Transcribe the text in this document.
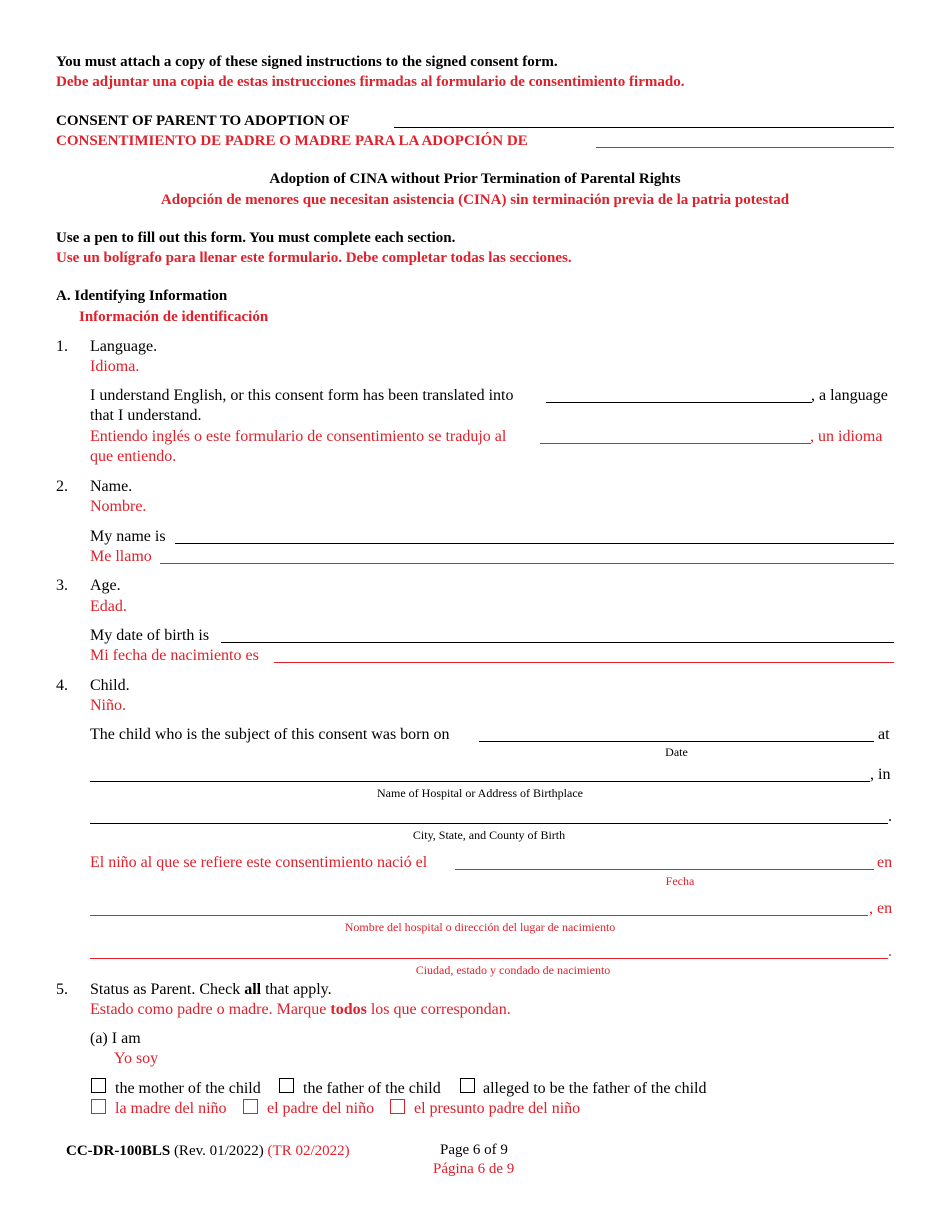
You must attach a copy of these signed instructions to the signed consent form.
Debe adjuntar una copia de estas instrucciones firmadas al formulario de consentimiento firmado.
CONSENT OF PARENT TO ADOPTION OF
CONSENTIMIENTO DE PADRE O MADRE PARA LA ADOPCIÓN DE
Adoption of CINA without Prior Termination of Parental Rights
Adopción de menores que necesitan asistencia (CINA) sin terminación previa de la patria potestad
Use a pen to fill out this form. You must complete each section.
Use un bolígrafo para llenar este formulario. Debe completar todas las secciones.
A. Identifying Information
Información de identificación
1. Language.
Idioma.
I understand English, or this consent form has been translated into	, a language
that I understand.
Entiendo inglés o este formulario de consentimiento se tradujo al	, un idioma
que entiendo.
2. Name.
Nombre.
My name is
Me llamo
3. Age.
Edad.
My date of birth is
Mi fecha de nacimiento es
4. Child.
Niño.
The child who is the subject of this consent was born on	at
Date
, in
Name of Hospital or Address of Birthplace
.
City, State, and County of Birth
El niño al que se refiere este consentimiento nació el	en
Fecha
, en
Nombre del hospital o dirección del lugar de nacimiento
.
Ciudad, estado y condado de nacimiento
5. Status as Parent. Check all that apply.
Estado como padre o madre. Marque todos los que correspondan.
(a) I am
Yo soy
the mother of the child	the father of the child	alleged to be the father of the child
la madre del niño	el padre del niño el presunto padre del niño
CC-DR-100BLS (Rev. 01/2022) (TR 02/2022)	Page 6 of 9
Página 6 de 9
